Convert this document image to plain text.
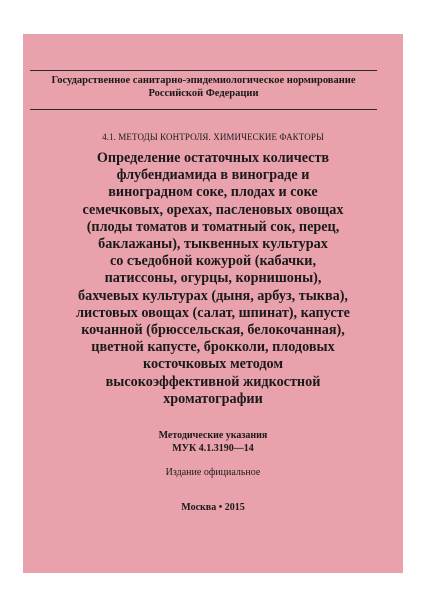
Государственное санитарно-эпидемиологическое нормирование
Российской Федерации
4.1. МЕТОДЫ КОНТРОЛЯ. ХИМИЧЕСКИЕ ФАКТОРЫ
Определение остаточных количеств
флубендиамида в винограде и
виноградном соке, плодах и соке
семечковых, орехах, пасленовых овощах
(плоды томатов и томатный сок, перец,
баклажаны), тыквенных культурах
со съедобной кожурой (кабачки,
патиссоны, огурцы, корнишоны),
бахчевых культурах (дыня, арбуз, тыква),
листовых овощах (салат, шпинат), капусте
кочанной (брюссельская, белокочанная),
цветной капусте, брокколи, плодовых
косточковых методом
высокоэффективной жидкостной
хроматографии
Методические указания
МУК 4.1.3190—14
Издание официальное
Москва • 2015
